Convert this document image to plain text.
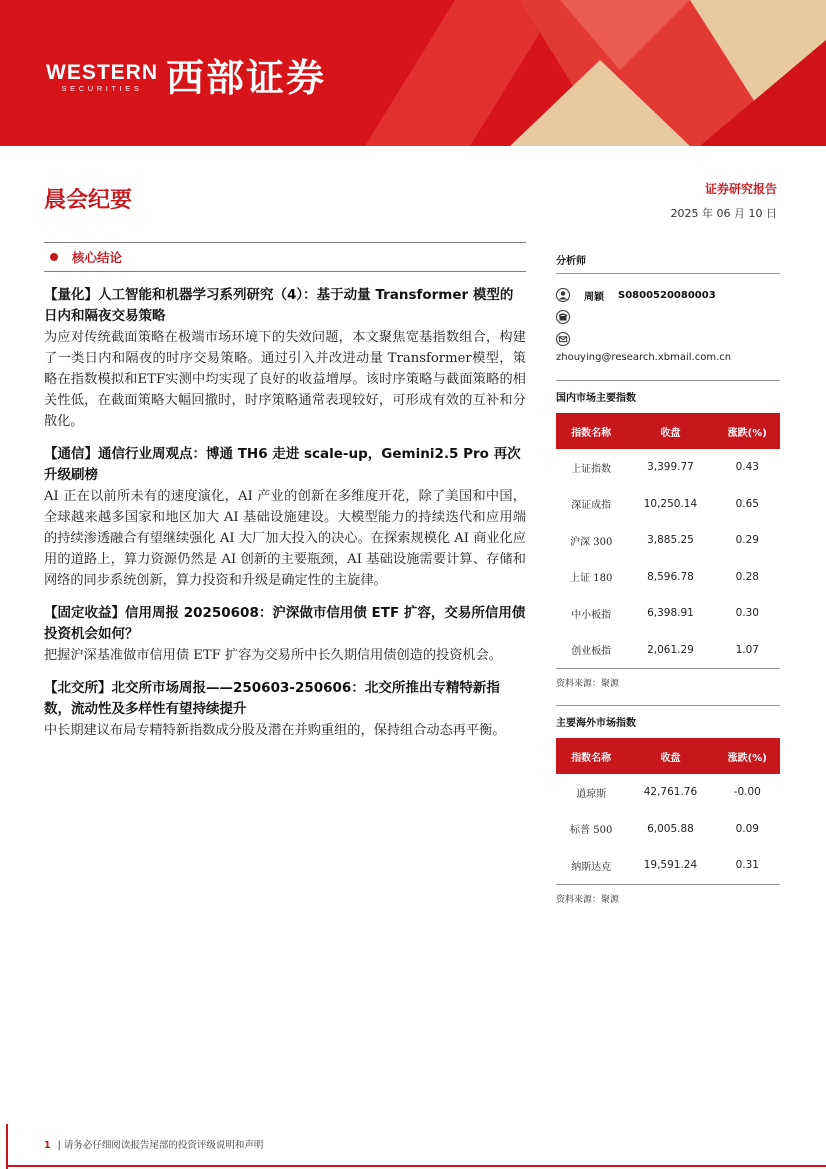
WESTERN
SECURITIES 西部证券
晨会纪要	证券研究报告
2025 年 06 月 10 日
核心结论
【量化】人工智能和机器学习系列研究（4）：基于动量 Transformer 模型的日内和隔夜交易策略
为应对传统截面策略在极端市场环境下的失效问题，本文聚焦宽基指数组合，构建了一类日内和隔夜的时序交易策略。通过引入并改进动量 Transformer模型，策略在指数模拟和ETF实测中均实现了良好的收益增厚。该时序策略与截面策略的相关性低，在截面策略大幅回撤时，时序策略通常表现较好，可形成有效的互补和分散化。
【通信】通信行业周观点：博通 TH6 走进 scale-up，Gemini2.5 Pro 再次升级刷榜
AI 正在以前所未有的速度演化，AI 产业的创新在多维度开花，除了美国和中国，全球越来越多国家和地区加大 AI 基础设施建设。大模型能力的持续迭代和应用端的持续渗透融合有望继续强化 AI 大厂加大投入的决心。在探索规模化 AI 商业化应用的道路上，算力资源仍然是 AI 创新的主要瓶颈，AI 基础设施需要计算、存储和网络的同步系统创新，算力投资和升级是确定性的主旋律。
【固定收益】信用周报 20250608：沪深做市信用债 ETF 扩容，交易所信用债投资机会如何？
把握沪深基准做市信用债 ETF 扩容为交易所中长久期信用债创造的投资机会。
【北交所】北交所市场周报——250603-250606：北交所推出专精特新指数，流动性及多样性有望持续提升
中长期建议布局专精特新指数成分股及潜在并购重组的，保持组合动态再平衡。
分析师
周颖 S0800520080003
zhouying@research.xbmail.com.cn
国内市场主要指数
指数名称	收盘	涨跌(%)
上证指数	3,399.77	0.43
深证成指	10,250.14	0.65
沪深 300	3,885.25	0.29
上证 180	8,596.78	0.28
中小板指	6,398.91	0.30
创业板指	2,061.29	1.07
资料来源：聚源
主要海外市场指数
指数名称	收盘	涨跌(%)
道琼斯	42,761.76	-0.00
标普 500	6,005.88	0.09
纳斯达克	19,591.24	0.31
资料来源：聚源
1 | 请务必仔细阅读报告尾部的投资评级说明和声明
